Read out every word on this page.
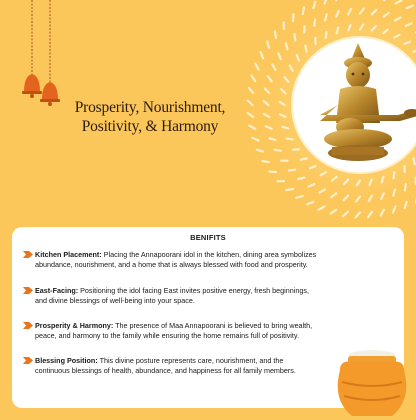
Prosperity, Nourishment,
Positivity, & Harmony
BENIFITS
Kitchen Placement: Placing the Annapoorani idol in the kitchen, dining area symbolizes
abundance, nourishment, and a home that is always blessed with food and prosperity.
East-Facing: Positioning the idol facing East invites positive energy, fresh beginnings,
and divine blessings of well-being into your space.
Prosperity & Harmony: The presence of Maa Annapoorani is believed to bring wealth,
peace, and harmony to the family while ensuring the home remains full of positivity.
Blessing Position: This divine posture represents care, nourishment, and the
continuous blessings of health, abundance, and happiness for all family members.
